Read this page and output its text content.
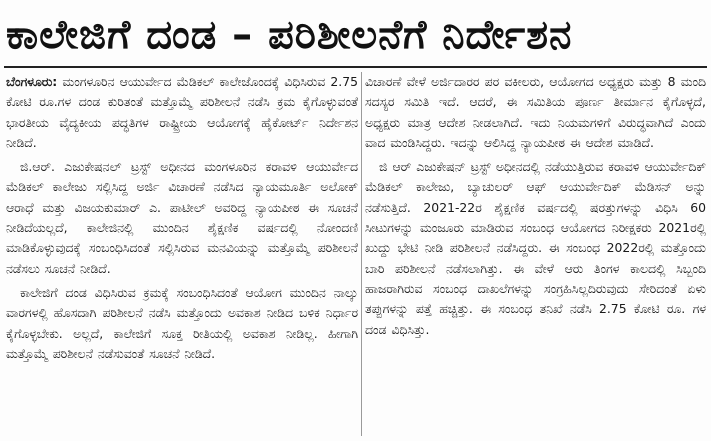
ಕಾಲೇಜಿಗೆ ದಂಡ – ಪರಿಶೀಲನೆಗೆ ನಿರ್ದೇಶನ

ಬೆಂಗಳೂರು: ಮಂಗಳೂರಿನ ಆಯುರ್ವೇದ ಮೆಡಿಕಲ್ ಕಾಲೇಜೊಂದಕ್ಕೆ ವಿಧಿಸಿರುವ 2.75 ಕೋಟಿ ರೂ.ಗಳ ದಂಡ ಕುರಿತಂತೆ ಮತ್ತೊಮ್ಮೆ ಪರಿಶೀಲನೆ ನಡೆಸಿ ಕ್ರಮ ಕೈಗೊಳ್ಳುವಂತೆ ಭಾರತೀಯ ವೈದ್ಯಕೀಯ ಪದ್ಧತಿಗಳ ರಾಷ್ಟ್ರೀಯ ಆಯೋಗಕ್ಕೆ ಹೈಕೋರ್ಟ್ ನಿರ್ದೇಶನ ನೀಡಿದೆ.

ಜಿ.ಆರ್. ಎಜುಕೇಷನಲ್ ಟ್ರಸ್ಟ್ ಅಧೀನದ ಮಂಗಳೂರಿನ ಕರಾವಳಿ ಆಯುರ್ವೇದ ಮೆಡಿಕಲ್ ಕಾಲೇಜು ಸಲ್ಲಿಸಿದ್ದ ಅರ್ಜಿ ವಿಚಾರಣೆ ನಡೆಸಿದ ನ್ಯಾಯಮೂರ್ತಿ ಅಲೋಕ್ ಆರಾಧೆ ಮತ್ತು ವಿಜಯಕುಮಾರ್ ಎ. ಪಾಟೀಲ್ ಅವರಿದ್ದ ನ್ಯಾಯಪೀಠ ಈ ಸೂಚನೆ ನೀಡಿದೆಯಲ್ಲದೆ, ಕಾಲೇಜಿನಲ್ಲಿ ಮುಂದಿನ ಶೈಕ್ಷಣಿಕ ವರ್ಷದಲ್ಲಿ ನೋಂದಣಿ ಮಾಡಿಕೊಳ್ಳುವುದಕ್ಕೆ ಸಂಬಂಧಿಸಿದಂತೆ ಸಲ್ಲಿಸಿರುವ ಮನವಿಯನ್ನು ಮತ್ತೊಮ್ಮೆ ಪರಿಶೀಲನೆ ನಡೆಸಲು ಸೂಚನೆ ನೀಡಿದೆ.

ಕಾಲೇಜಿಗೆ ದಂಡ ವಿಧಿಸಿರುವ ಕ್ರಮಕ್ಕೆ ಸಂಬಂಧಿಸಿದಂತೆ ಆಯೋಗ ಮುಂದಿನ ನಾಲ್ಕು ವಾರಗಳಲ್ಲಿ ಹೊಸದಾಗಿ ಪರಿಶೀಲನೆ ನಡೆಸಿ ಮತ್ತೊಂದು ಅವಕಾಶ ನೀಡಿದ ಬಳಿಕ ನಿರ್ಧಾರ ಕೈಗೊಳ್ಳಬೇಕು. ಅಲ್ಲದೆ, ಕಾಲೇಜಿಗೆ ಸೂಕ್ತ ರೀತಿಯಲ್ಲಿ ಅವಕಾಶ ನೀಡಿಲ್ಲ. ಹೀಗಾಗಿ ಮತ್ತೊಮ್ಮೆ ಪರಿಶೀಲನೆ ನಡೆಸುವಂತೆ ಸೂಚನೆ ನೀಡಿದೆ.

ವಿಚಾರಣೆ ವೇಳೆ ಅರ್ಜಿದಾರರ ಪರ ವಕೀಲರು, ಆಯೋಗದ ಅಧ್ಯಕ್ಷರು ಮತ್ತು 8 ಮಂದಿ ಸದಸ್ಯರ ಸಮಿತಿ ಇದೆ. ಆದರೆ, ಈ ಸಮಿತಿಯ ಪೂರ್ಣ ತೀರ್ಮಾನ ಕೈಗೊಳ್ಳದೆ, ಅಧ್ಯಕ್ಷರು ಮಾತ್ರ ಆದೇಶ ನೀಡಲಾಗಿದೆ. ಇದು ನಿಯಮಗಳಿಗೆ ವಿರುದ್ಧವಾಗಿದೆ ಎಂದು ವಾದ ಮಂಡಿಸಿದ್ದರು. ಇದನ್ನು ಆಲಿಸಿದ್ದ ನ್ಯಾಯಪೀಠ ಈ ಆದೇಶ ಮಾಡಿದೆ.

ಜಿ ಆರ್ ಎಜುಕೇಷನ್ ಟ್ರಸ್ಟ್ ಅಧೀನದಲ್ಲಿ ನಡೆಯುತ್ತಿರುವ ಕರಾವಳಿ ಆಯುರ್ವೇದಿಕ್ ಮೆಡಿಕಲ್ ಕಾಲೇಜು, ಬ್ಯಾಚುಲರ್ ಆಫ್ ಆಯುರ್ವೇದಿಕ್ ಮೆಡಿಸನ್ ಅನ್ನು ನಡೆಸುತ್ತಿದೆ. 2021-22ರ ಶೈಕ್ಷಣಿಕ ವರ್ಷದಲ್ಲಿ ಷರತ್ತುಗಳನ್ನು ವಿಧಿಸಿ 60 ಸೀಟುಗಳನ್ನು ಮಂಜೂರು ಮಾಡಿರುವ ಸಂಬಂಧ ಆಯೋಗದ ನಿರೀಕ್ಷಕರು 2021ರಲ್ಲಿ ಖುದ್ದು ಭೇಟಿ ನೀಡಿ ಪರಿಶೀಲನೆ ನಡೆಸಿದ್ದರು. ಈ ಸಂಬಂಧ 2022ರಲ್ಲಿ ಮತ್ತೊಂದು ಬಾರಿ ಪರಿಶೀಲನೆ ನಡೆಸಲಾಗಿತ್ತು. ಈ ವೇಳೆ ಆರು ತಿಂಗಳ ಕಾಲದಲ್ಲಿ ಸಿಬ್ಬಂದಿ ಹಾಜರಾಗಿರುವ ಸಂಬಂಧ ದಾಖಲೆಗಳನ್ನು ಸಂಗ್ರಹಿಸಿಲ್ಲದಿರುವುದು ಸೇರಿದಂತೆ ಏಳು ತಪ್ಪುಗಳನ್ನು ಪತ್ತೆ ಹಚ್ಚಿತ್ತು. ಈ ಸಂಬಂಧ ತನಿಖೆ ನಡೆಸಿ 2.75 ಕೋಟಿ ರೂ. ಗಳ ದಂಡ ವಿಧಿಸಿತ್ತು.
